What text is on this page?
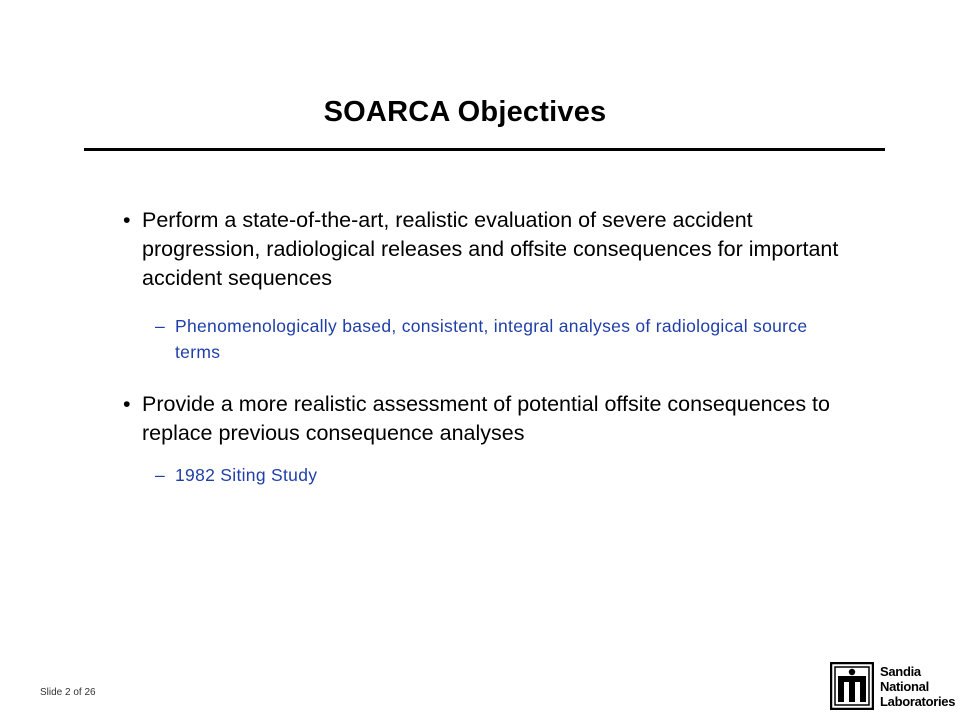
SOARCA Objectives
• Perform a state-of-the-art, realistic evaluation of severe accident progression, radiological releases and offsite consequences for important accident sequences
– Phenomenologically based, consistent, integral analyses of radiological source terms
• Provide a more realistic assessment of potential offsite consequences to replace previous consequence analyses
– 1982 Siting Study
Slide 2 of 26
Sandia
National
Laboratories
